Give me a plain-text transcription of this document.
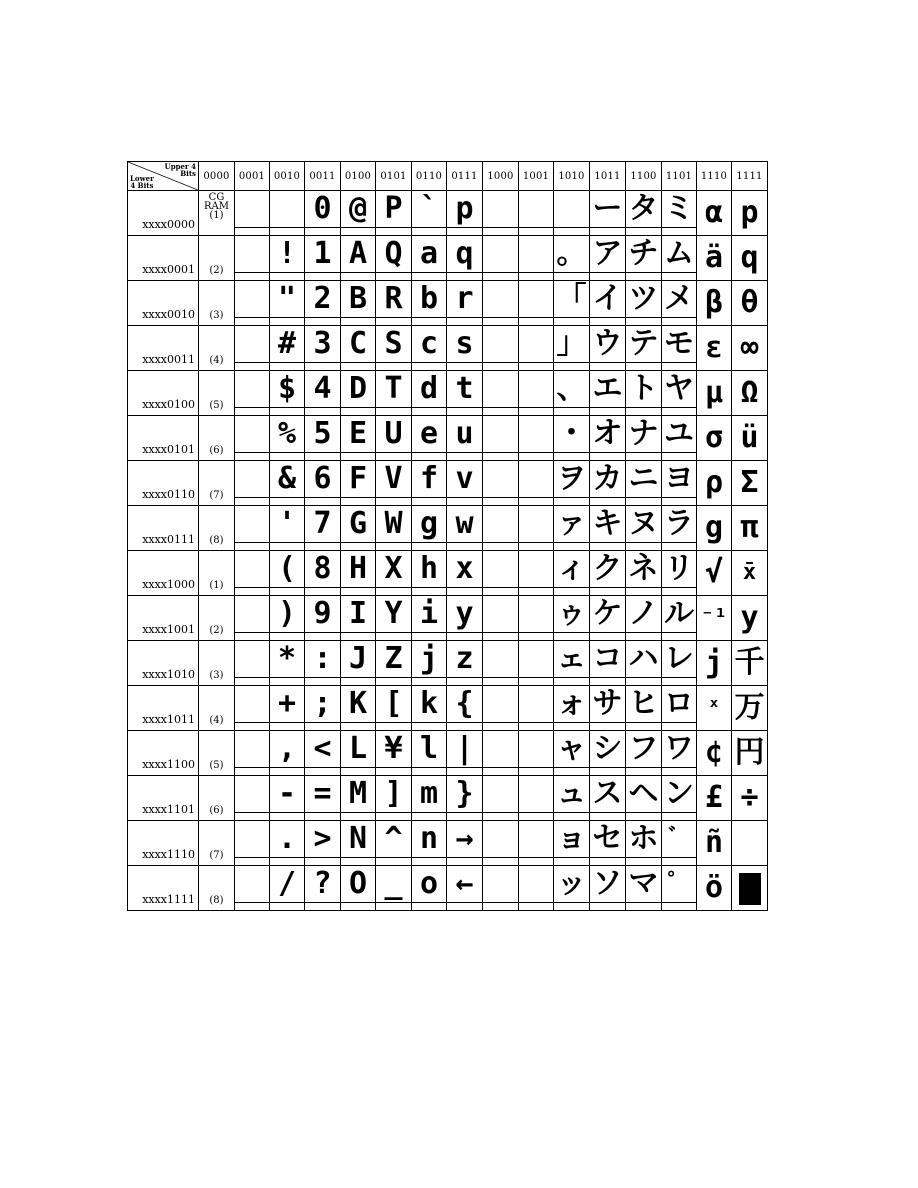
Upper 4
Bits
Lower
4 Bits	0000	0001	0010	0011	0100	0101	0110	0111	1000	1001	1010	1011	1100	1101	1110	1111
xxxx0000	CG
RAM
(1)			0	@	P	`	p				ー	タ	ミ	α	p

xxxx0001	(2)		!	1	A	Q	a	q			。	ア	チ	ム	ä	q

xxxx0010	(3)		"	2	B	R	b	r			「	イ	ツ	メ	β	θ

xxxx0011	(4)		#	3	C	S	c	s			」	ウ	テ	モ	ε	∞

xxxx0100	(5)		$	4	D	T	d	t			、	エ	ト	ヤ	μ	Ω

xxxx0101	(6)		%	5	E	U	e	u			・	オ	ナ	ユ	σ	ü

xxxx0110	(7)		&	6	F	V	f	v			ヲ	カ	ニ	ヨ	ρ	Σ

xxxx0111	(8)		'	7	G	W	g	w			ァ	キ	ヌ	ラ	g	π

xxxx1000	(1)		(	8	H	X	h	x			ィ	ク	ネ	リ	√	x̄

xxxx1001	(2)		)	9	I	Y	i	y			ゥ	ケ	ノ	ル	⁻¹	y

xxxx1010	(3)		*	:	J	Z	j	z			ェ	コ	ハ	レ	j	千

xxxx1011	(4)		+	;	K	[	k	{			ォ	サ	ヒ	ロ	ˣ	万

xxxx1100	(5)		,	<	L	¥	l	|			ャ	シ	フ	ワ	¢	円

xxxx1101	(6)		-	=	M	]	m	}			ュ	ス	ヘ	ン	£	÷

xxxx1110	(7)		.	>	N	^	n	→			ョ	セ	ホ	゛	ñ	

xxxx1111	(8)		/	?	O	_	o	←			ッ	ソ	マ	゜	ö	
